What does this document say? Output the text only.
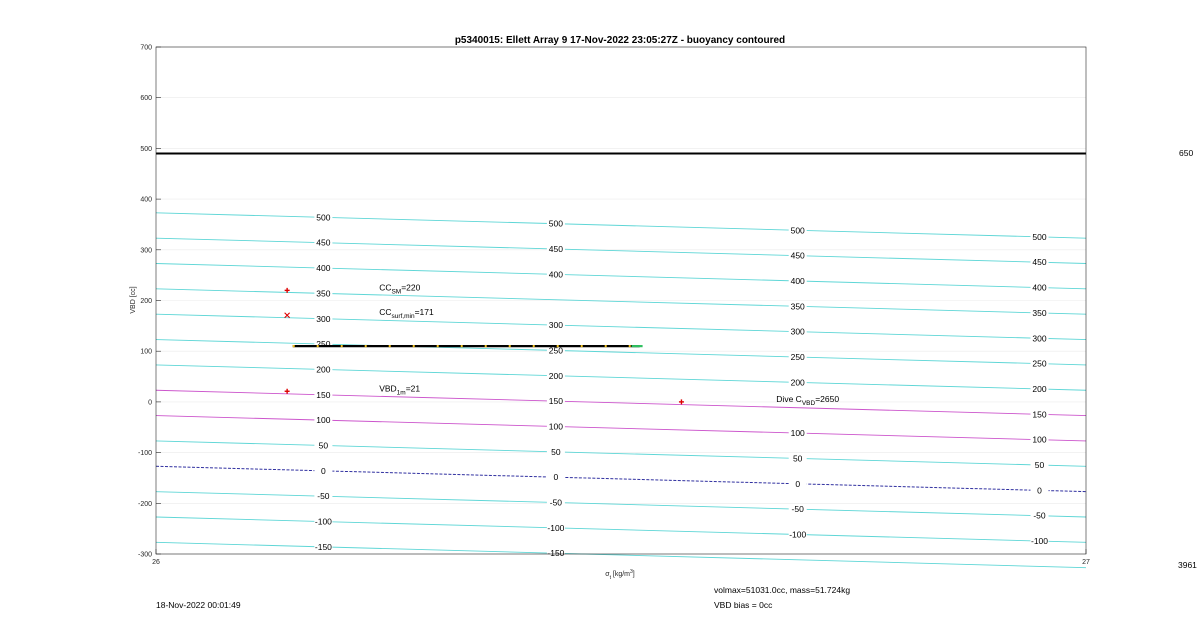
p5340015: Ellett Array 9 17-Nov-2022 23:05:27Z - buoyancy contoured
500
450
400
350
300
250
200
150
100
50
0
-50
-100
-150
500
450
400
300
250
200
150
100
50
0
-50
-100
-150
500
450
400
350
300
250
200
100
50
0
-50
-100
500
450
400
350
300
250
200
150
100
50
0
-50
-100
$CC_{SM}=220$
$CC_{surf,min}=171$
$VBD_{1m}=21$
Dive $C_{VBD}=2650$
-300
-200
-100
0
100
200
300
400
500
600
700
26	27
VBD [cc]
$\sigma_t$ $[kg/m^3]$
650
3961
18-Nov-2022 00:01:49
volmax=51031.0cc, mass=51.724kg
VBD bias = 0cc
